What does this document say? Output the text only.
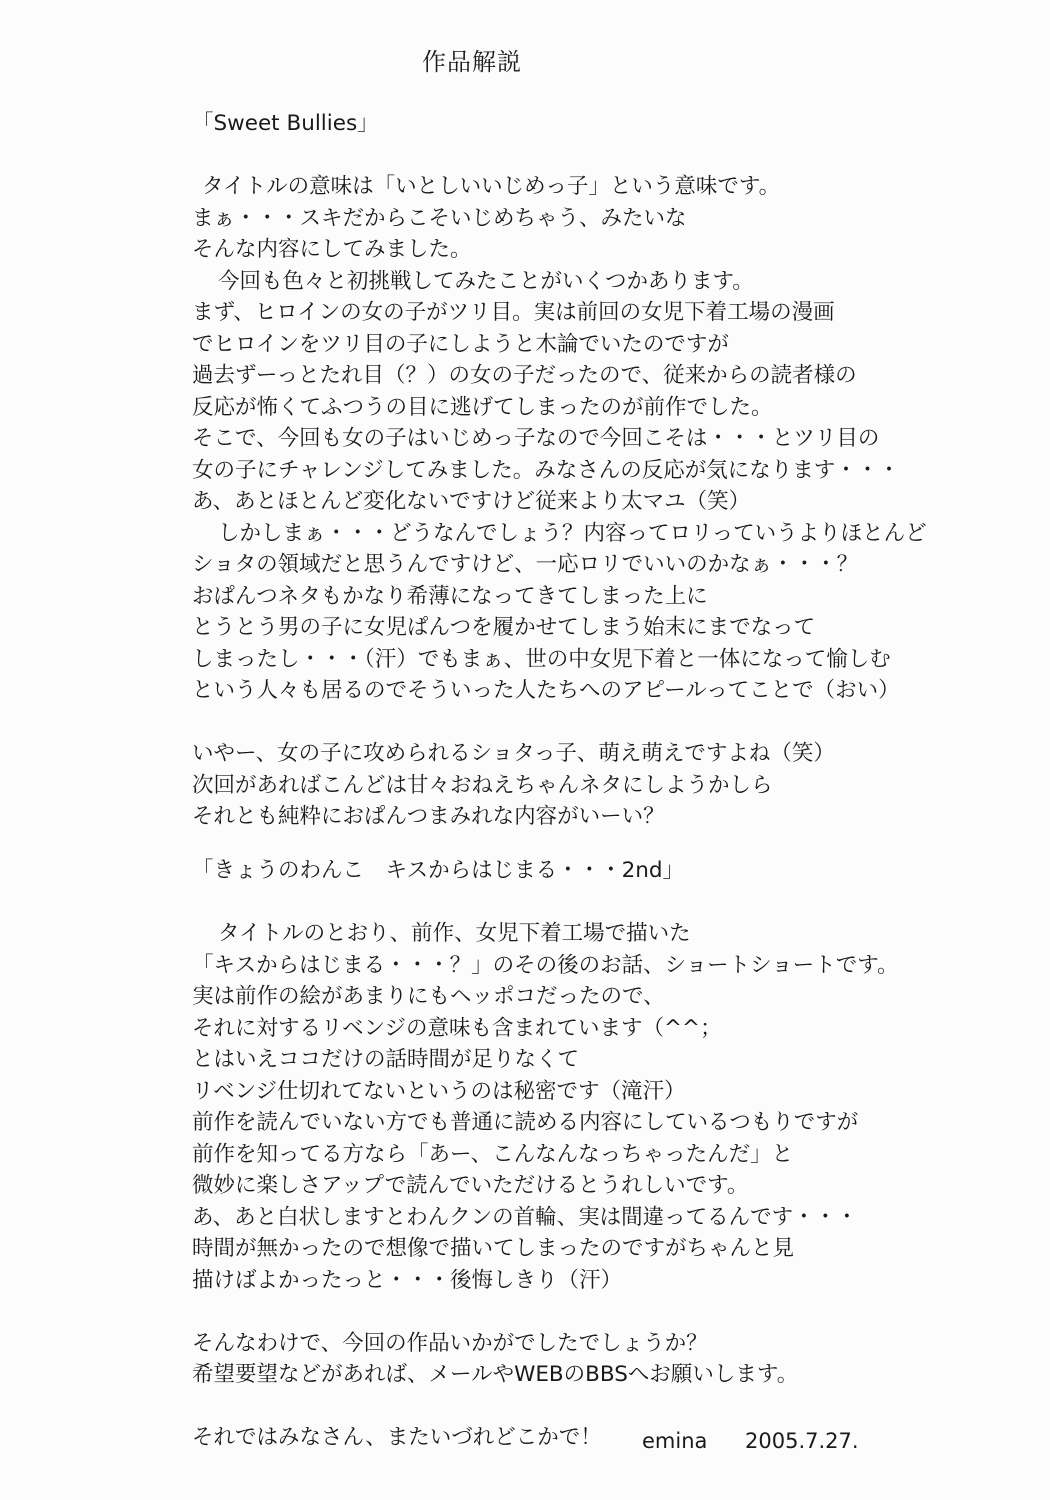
作品解説
「Sweet Bullies」
タイトルの意味は「いとしいいじめっ子」という意味です。
まぁ・・・スキだからこそいじめちゃう、みたいな
そんな内容にしてみました。
今回も色々と初挑戦してみたことがいくつかあります。
まず、ヒロインの女の子がツリ目。実は前回の女児下着工場の漫画
でヒロインをツリ目の子にしようと木論でいたのですが
過去ずーっとたれ目（？）の女の子だったので、従来からの読者様の
反応が怖くてふつうの目に逃げてしまったのが前作でした。
そこで、今回も女の子はいじめっ子なので今回こそは・・・とツリ目の
女の子にチャレンジしてみました。みなさんの反応が気になります・・・
あ、あとほとんど変化ないですけど従来より太マユ（笑）
しかしまぁ・・・どうなんでしょう？内容ってロリっていうよりほとんど
ショタの領域だと思うんですけど、一応ロリでいいのかなぁ・・・？
おぱんつネタもかなり希薄になってきてしまった上に
とうとう男の子に女児ぱんつを履かせてしまう始末にまでなって
しまったし・・・（汗）でもまぁ、世の中女児下着と一体になって愉しむ
という人々も居るのでそういった人たちへのアピールってことで（おい）
いやー、女の子に攻められるショタっ子、萌え萌えですよね（笑）
次回があればこんどは甘々おねえちゃんネタにしようかしら
それとも純粋におぱんつまみれな内容がいーい？
「きょうのわんこ　キスからはじまる・・・2nd」
タイトルのとおり、前作、女児下着工場で描いた
「キスからはじまる・・・？」のその後のお話、ショートショートです。
実は前作の絵があまりにもヘッポコだったので、
それに対するリベンジの意味も含まれています（^^；
とはいえココだけの話時間が足りなくて
リベンジ仕切れてないというのは秘密です（滝汗）
前作を読んでいない方でも普通に読める内容にしているつもりですが
前作を知ってる方なら「あー、こんなんなっちゃったんだ」と
微妙に楽しさアップで読んでいただけるとうれしいです。
あ、あと白状しますとわんクンの首輪、実は間違ってるんです・・・
時間が無かったので想像で描いてしまったのですがちゃんと見
描けばよかったっと・・・後悔しきり（汗）
そんなわけで、今回の作品いかがでしたでしょうか？
希望要望などがあれば、メールやWEBのBBSへお願いします。
それではみなさん、またいづれどこかで！	emina 2005.7.27.
